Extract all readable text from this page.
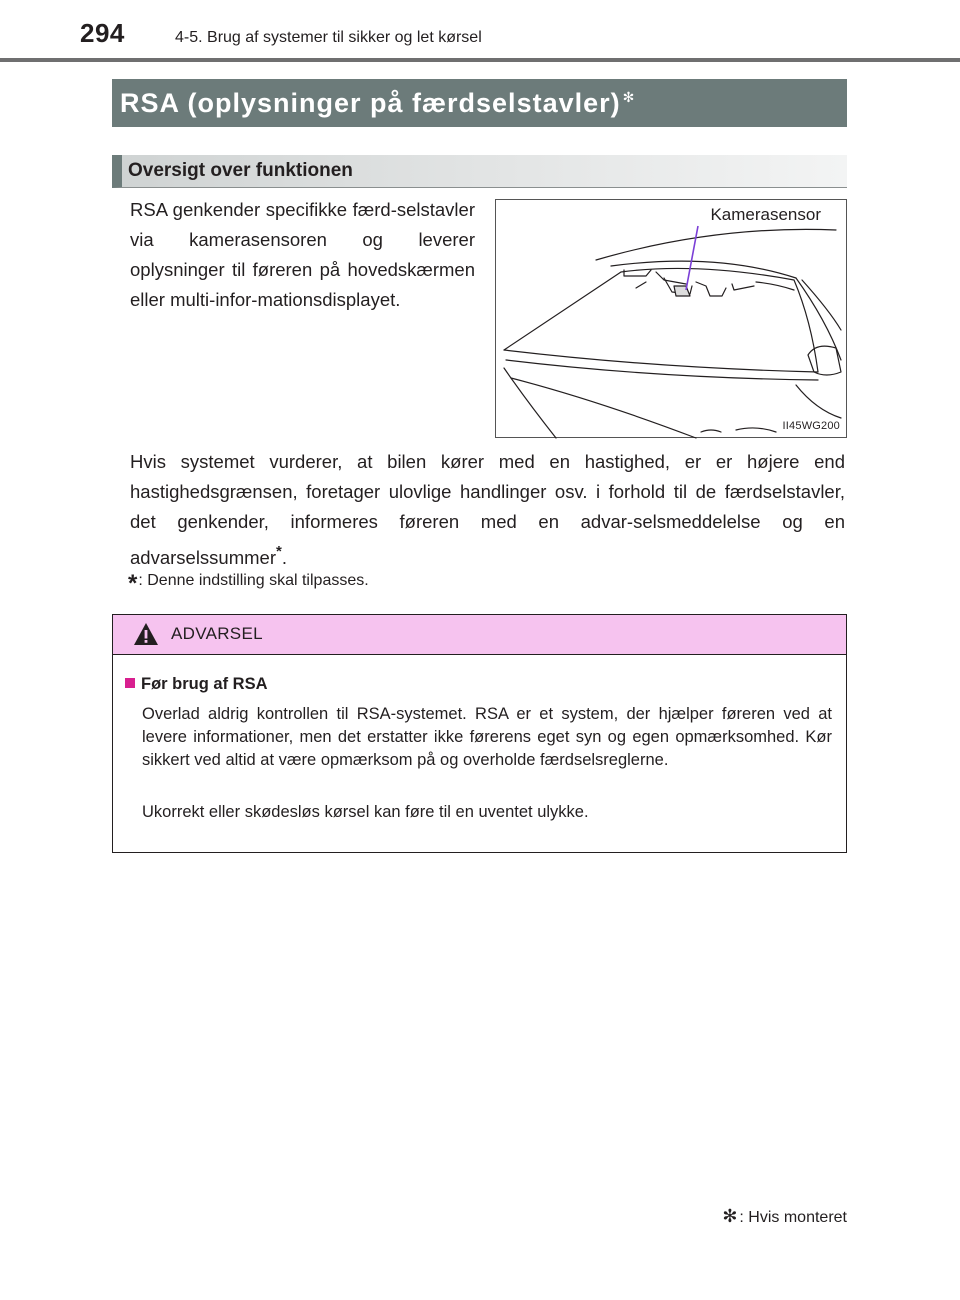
294	4-5. Brug af systemer til sikker og let kørsel
RSA (oplysninger på færdselstavler) ✻
Oversigt over funktionen
RSA genkender specifikke færd-selstavler via kamerasensoren og leverer oplysninger til føreren på hovedskærmen eller multi-infor-mationsdisplayet.
Kamerasensor
II45WG200
Hvis systemet vurderer, at bilen kører med en hastighed, er er højere end hastighedsgrænsen, foretager ulovlige handlinger osv. i forhold til de færdselstavler, det genkender, informeres føreren med en advar-selsmeddelelse og en advarselssummer*.
*: Denne indstilling skal tilpasses.
ADVARSEL
Før brug af RSA
Overlad aldrig kontrollen til RSA-systemet. RSA er et system, der hjælper føreren ved at levere informationer, men det erstatter ikke førerens eget syn og egen opmærksomhed. Kør sikkert ved altid at være opmærksom på og overholde færdselsreglerne.
Ukorrekt eller skødesløs kørsel kan føre til en uventet ulykke.
✻ : Hvis monteret
